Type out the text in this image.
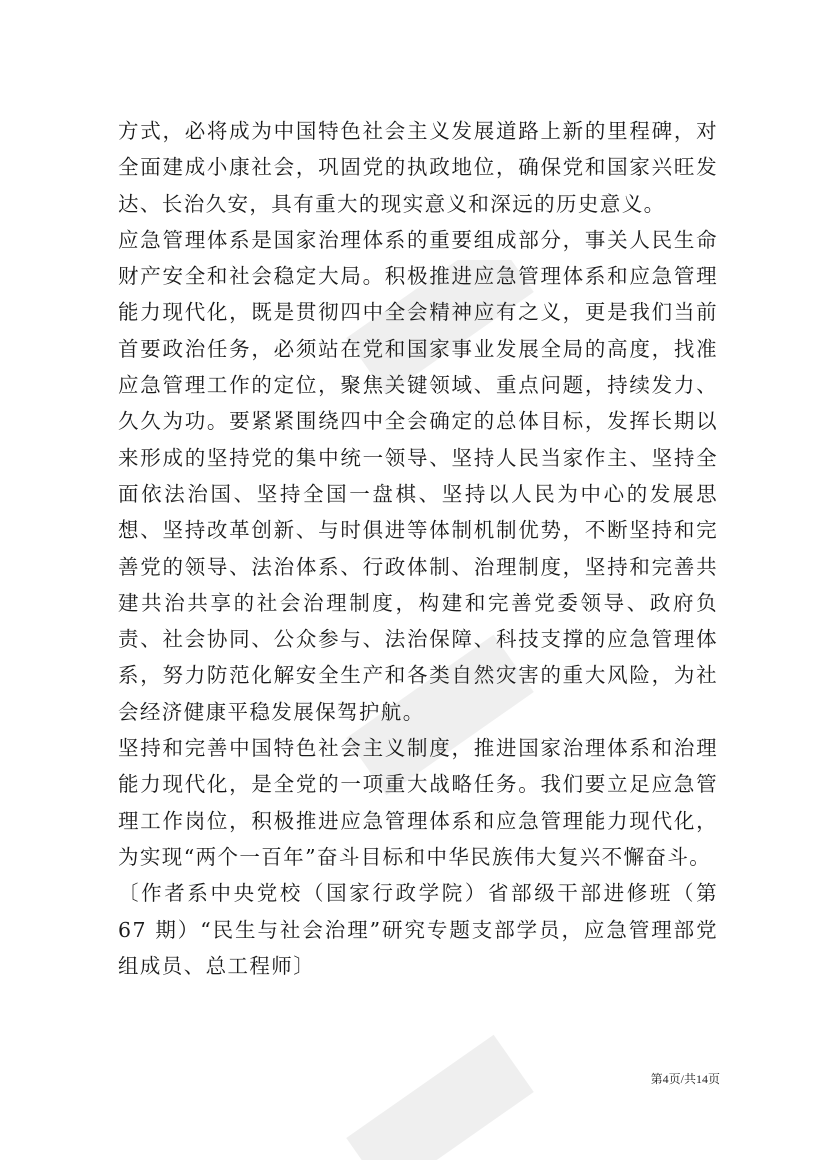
方式，必将成为中国特色社会主义发展道路上新的里程碑，对全面建成小康社会，巩固党的执政地位，确保党和国家兴旺发达、长治久安，具有重大的现实意义和深远的历史意义。

应急管理体系是国家治理体系的重要组成部分，事关人民生命财产安全和社会稳定大局。积极推进应急管理体系和应急管理能力现代化，既是贯彻四中全会精神应有之义，更是我们当前首要政治任务，必须站在党和国家事业发展全局的高度，找准应急管理工作的定位，聚焦关键领域、重点问题，持续发力、久久为功。要紧紧围绕四中全会确定的总体目标，发挥长期以来形成的坚持党的集中统一领导、坚持人民当家作主、坚持全面依法治国、坚持全国一盘棋、坚持以人民为中心的发展思想、坚持改革创新、与时俱进等体制机制优势，不断坚持和完善党的领导、法治体系、行政体制、治理制度，坚持和完善共建共治共享的社会治理制度，构建和完善党委领导、政府负责、社会协同、公众参与、法治保障、科技支撑的应急管理体系，努力防范化解安全生产和各类自然灾害的重大风险，为社会经济健康平稳发展保驾护航。

坚持和完善中国特色社会主义制度，推进国家治理体系和治理能力现代化，是全党的一项重大战略任务。我们要立足应急管理工作岗位，积极推进应急管理体系和应急管理能力现代化，为实现“两个一百年”奋斗目标和中华民族伟大复兴不懈奋斗。

〔作者系中央党校（国家行政学院）省部级干部进修班（第 67 期）“民生与社会治理”研究专题支部学员，应急管理部党组成员、总工程师〕

第4页/共14页
